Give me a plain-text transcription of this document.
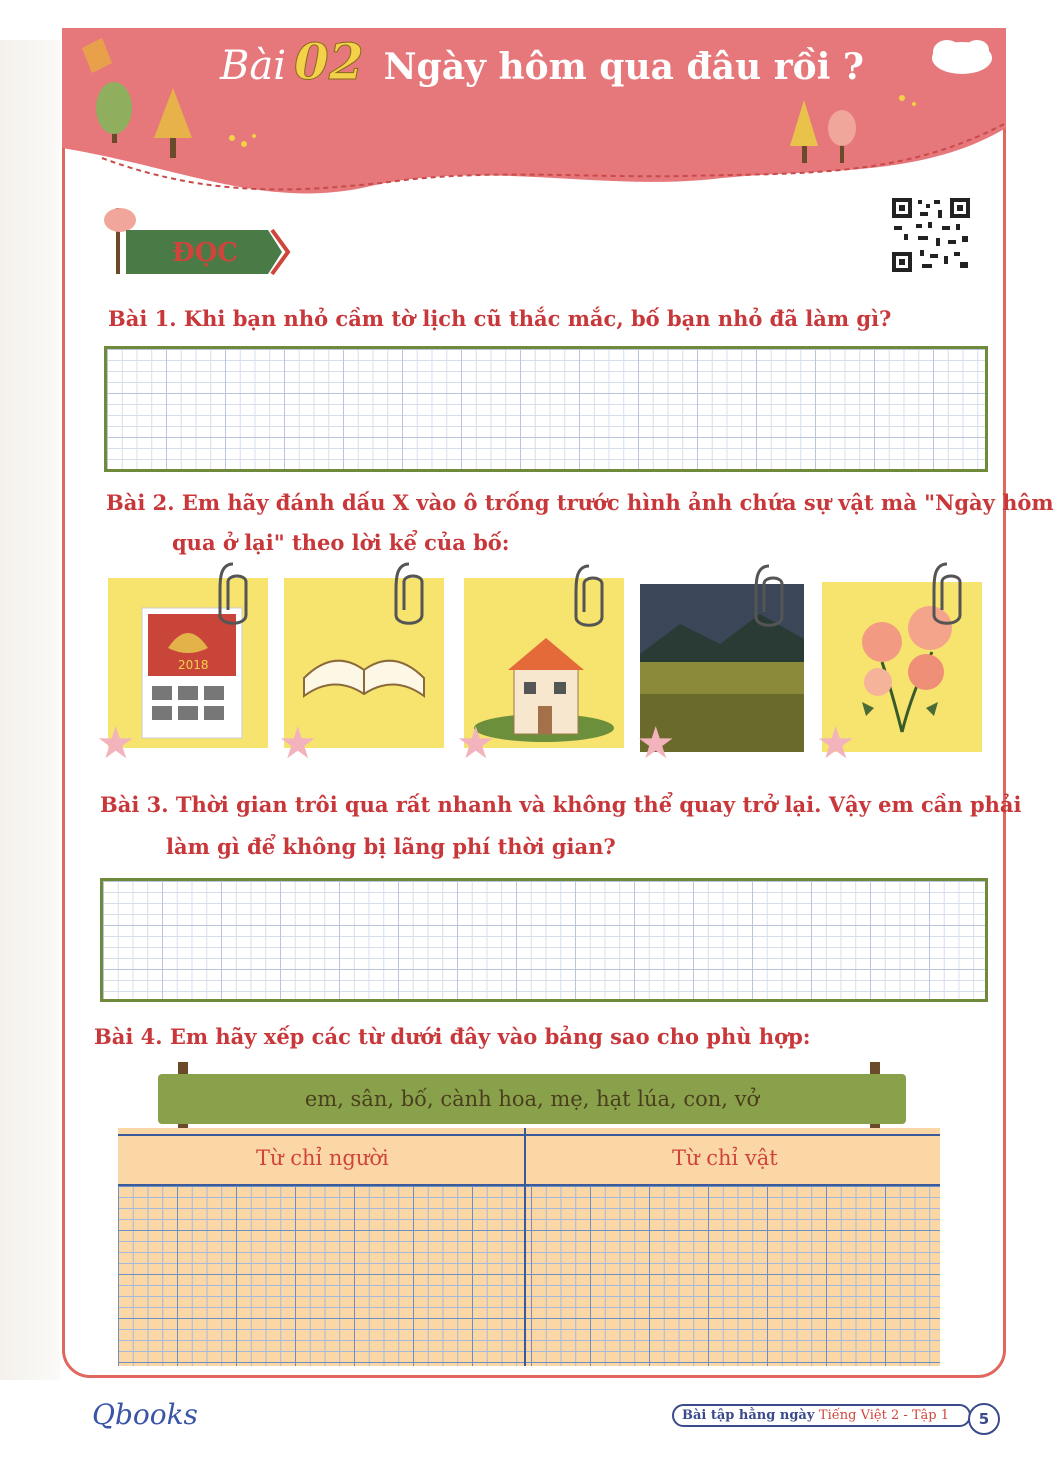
Bài 02 Ngày hôm qua đâu rồi ?
ĐỌC
Bài 1. Khi bạn nhỏ cầm tờ lịch cũ thắc mắc, bố bạn nhỏ đã làm gì?
Bài 2. Em hãy đánh dấu X vào ô trống trước hình ảnh chứa sự vật mà "Ngày hôm
qua ở lại" theo lời kể của bố:
2018
★	★	★	★	★
Bài 3. Thời gian trôi qua rất nhanh và không thể quay trở lại. Vậy em cần phải
làm gì để không bị lãng phí thời gian?
Bài 4. Em hãy xếp các từ dưới đây vào bảng sao cho phù hợp:
em, sân, bố, cành hoa, mẹ, hạt lúa, con, vở
Từ chỉ người	Từ chỉ vật
Qbooks	Bài tập hằng ngày Tiếng Việt 2 - Tập 1	5
